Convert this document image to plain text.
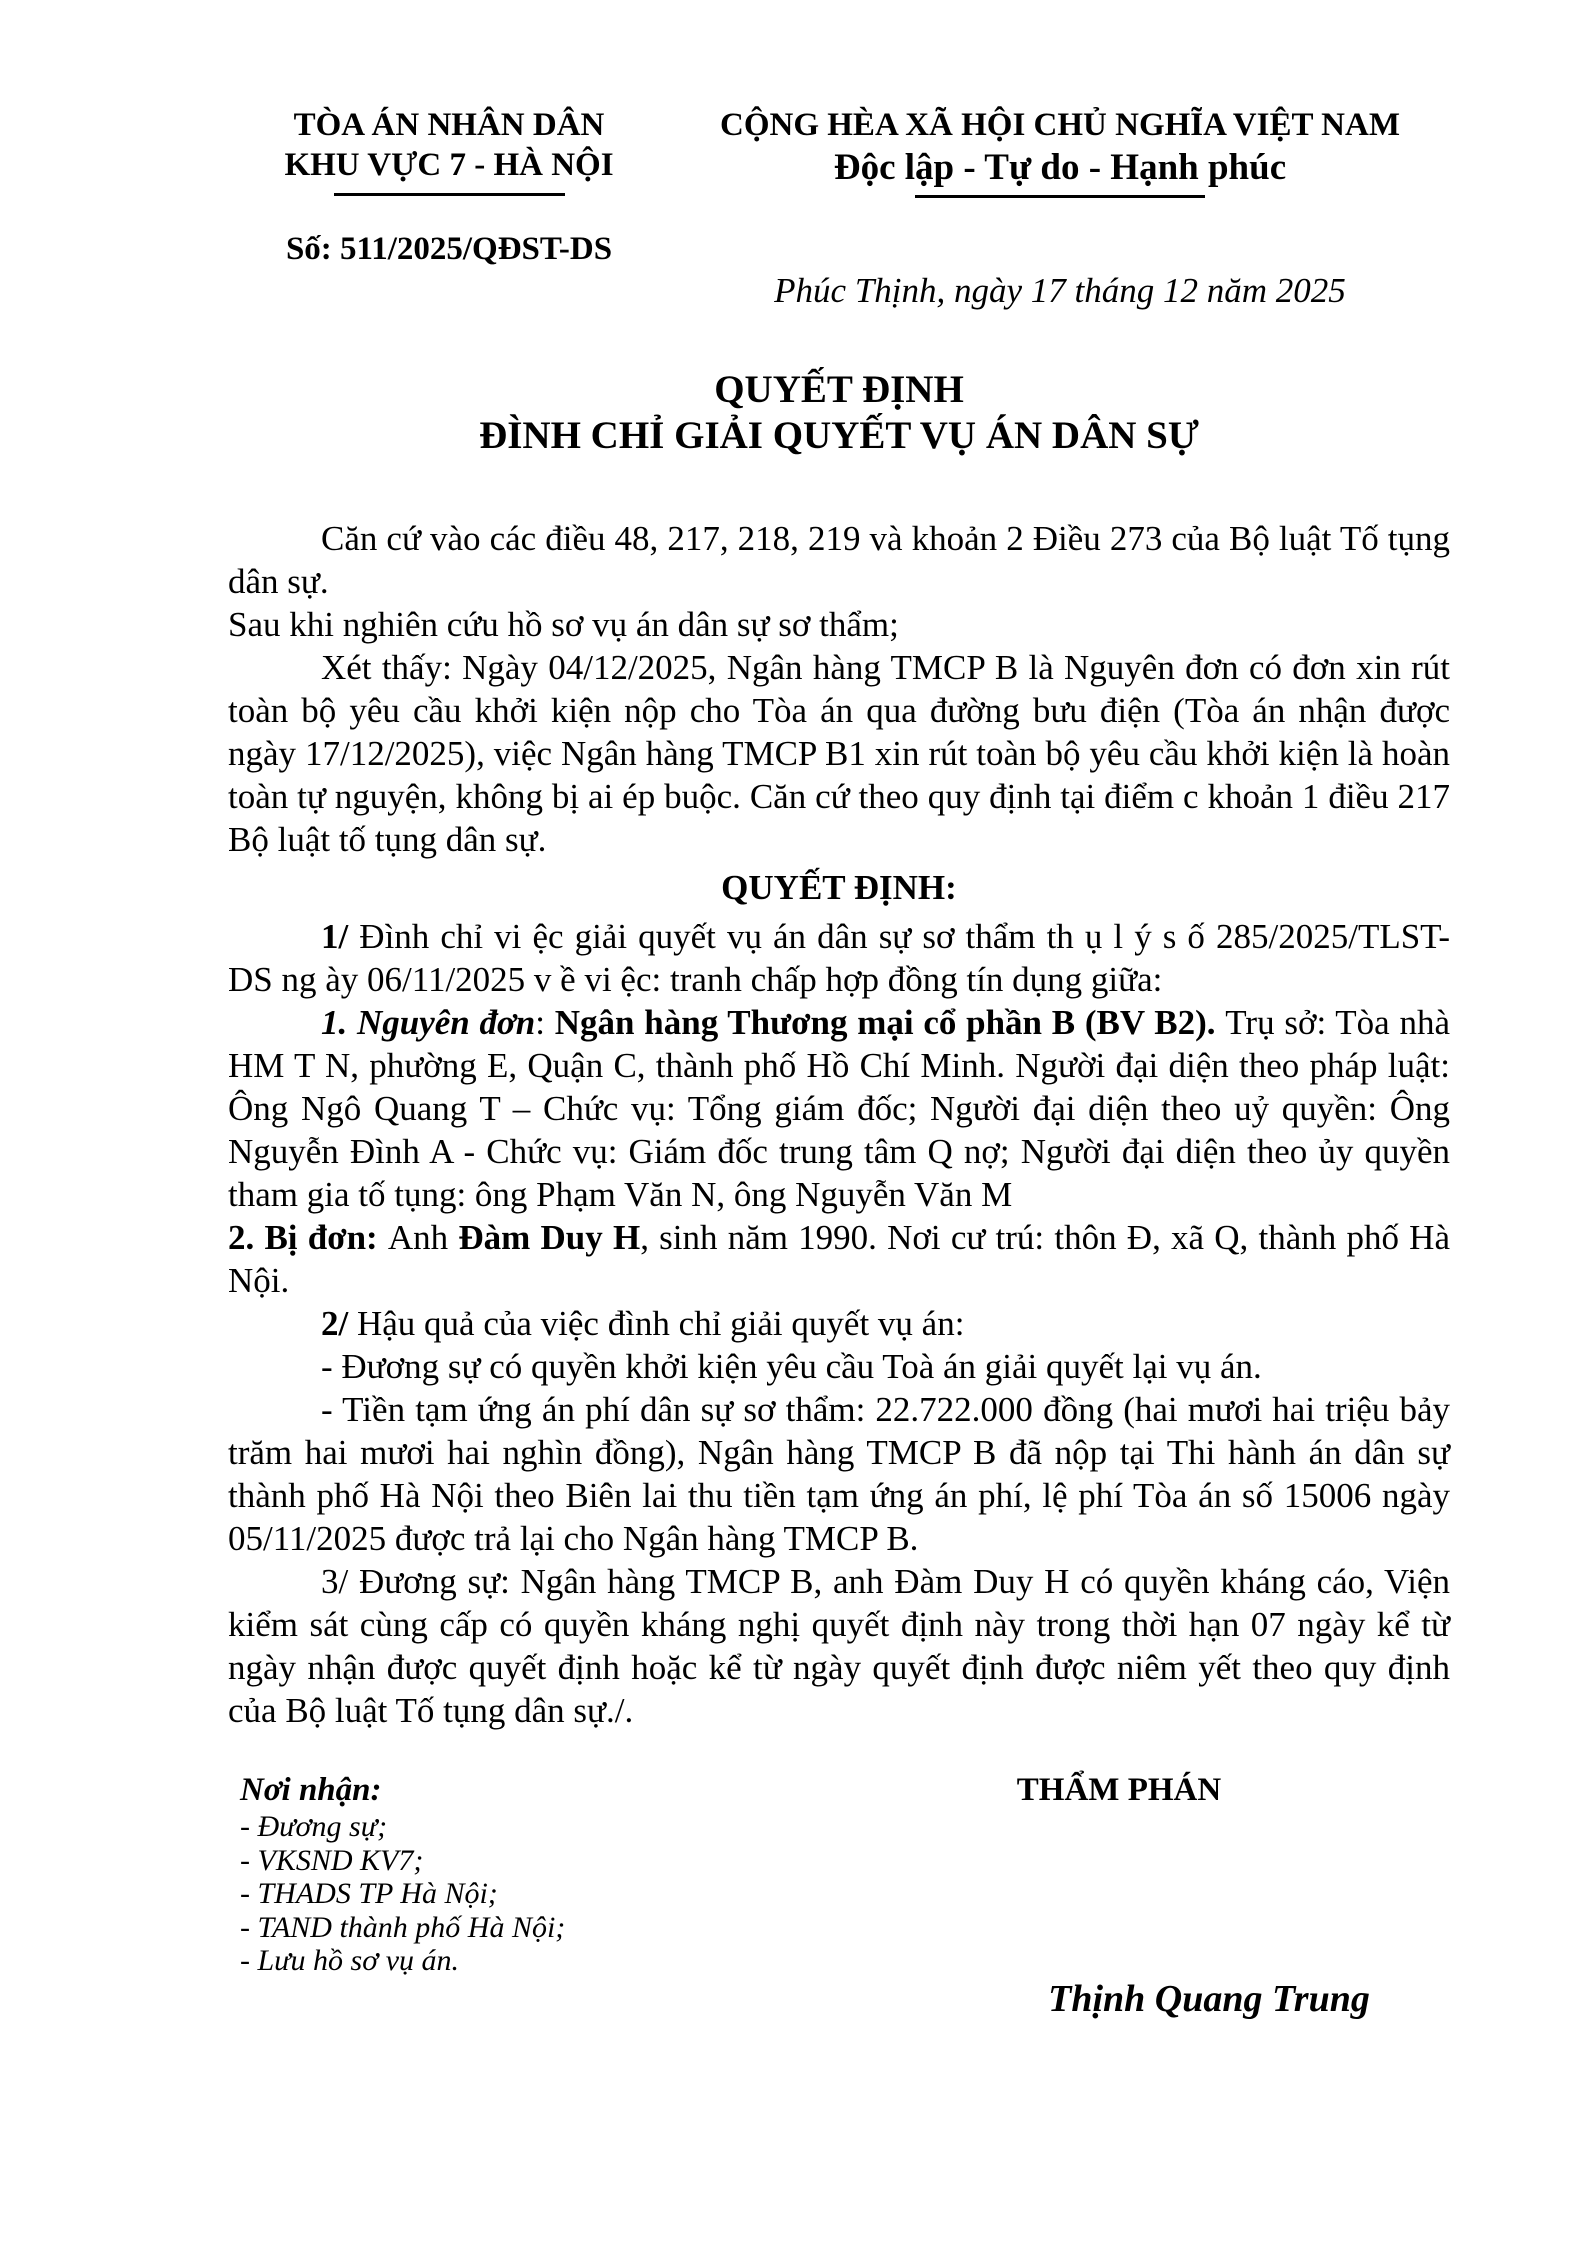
TÒA ÁN NHÂN DÂN
KHU VỰC 7 - HÀ NỘI
Số: 511/2025/QĐST-DS
CỘNG HÈA XÃ HỘI CHỦ NGHĨA VIỆT NAM
Độc lập - Tự do - Hạnh phúc
Phúc Thịnh, ngày 17 tháng 12 năm 2025
QUYẾT ĐỊNH
ĐÌNH CHỈ GIẢI QUYẾT VỤ ÁN DÂN SỰ

Căn cứ vào các điều 48, 217, 218, 219 và khoản 2 Điều 273 của Bộ luật Tố tụng dân sự.

Sau khi nghiên cứu hồ sơ vụ án dân sự sơ thẩm;

Xét thấy: Ngày 04/12/2025, Ngân hàng TMCP B là Nguyên đơn có đơn xin rút toàn bộ yêu cầu khởi kiện nộp cho Tòa án qua đường bưu điện (Tòa án nhận được ngày 17/12/2025), việc Ngân hàng TMCP B1 xin rút toàn bộ yêu cầu khởi kiện là hoàn toàn tự nguyện, không bị ai ép buộc. Căn cứ theo quy định tại điểm c khoản 1 điều 217 Bộ luật tố tụng dân sự.

QUYẾT ĐỊNH:

1/ Đình chỉ vi ệc giải quyết vụ án dân sự sơ thẩm th ụ l ý s ố 285/2025/TLST-DS ng ày 06/11/2025 v ề vi ệc: tranh chấp hợp đồng tín dụng giữa:

1. Nguyên đơn: Ngân hàng Thương mại cổ phần B (BV B2). Trụ sở: Tòa nhà HM T N, phường E, Quận C, thành phố Hồ Chí Minh. Người đại diện theo pháp luật: Ông Ngô Quang T – Chức vụ: Tổng giám đốc; Người đại diện theo uỷ quyền: Ông Nguyễn Đình A - Chức vụ: Giám đốc trung tâm Q nợ; Người đại diện theo ủy quyền tham gia tố tụng: ông Phạm Văn N, ông Nguyễn Văn M

2. Bị đơn: Anh Đàm Duy H, sinh năm 1990. Nơi cư trú: thôn Đ, xã Q, thành phố Hà Nội.

2/ Hậu quả của việc đình chỉ giải quyết vụ án:

- Đương sự có quyền khởi kiện yêu cầu Toà án giải quyết lại vụ án.

- Tiền tạm ứng án phí dân sự sơ thẩm: 22.722.000 đồng (hai mươi hai triệu bảy trăm hai mươi hai nghìn đồng), Ngân hàng TMCP B đã nộp tại Thi hành án dân sự thành phố Hà Nội theo Biên lai thu tiền tạm ứng án phí, lệ phí Tòa án số 15006 ngày 05/11/2025 được trả lại cho Ngân hàng TMCP B.

3/ Đương sự: Ngân hàng TMCP B, anh Đàm Duy H có quyền kháng cáo, Viện kiểm sát cùng cấp có quyền kháng nghị quyết định này trong thời hạn 07 ngày kể từ ngày nhận được quyết định hoặc kể từ ngày quyết định được niêm yết theo quy định của Bộ luật Tố tụng dân sự./.

Nơi nhận:
- Đương sự;
- VKSND KV7;
- THADS TP Hà Nội;
- TAND thành phố Hà Nội;
- Lưu hồ sơ vụ án.
THẨM PHÁN
Thịnh Quang Trung
